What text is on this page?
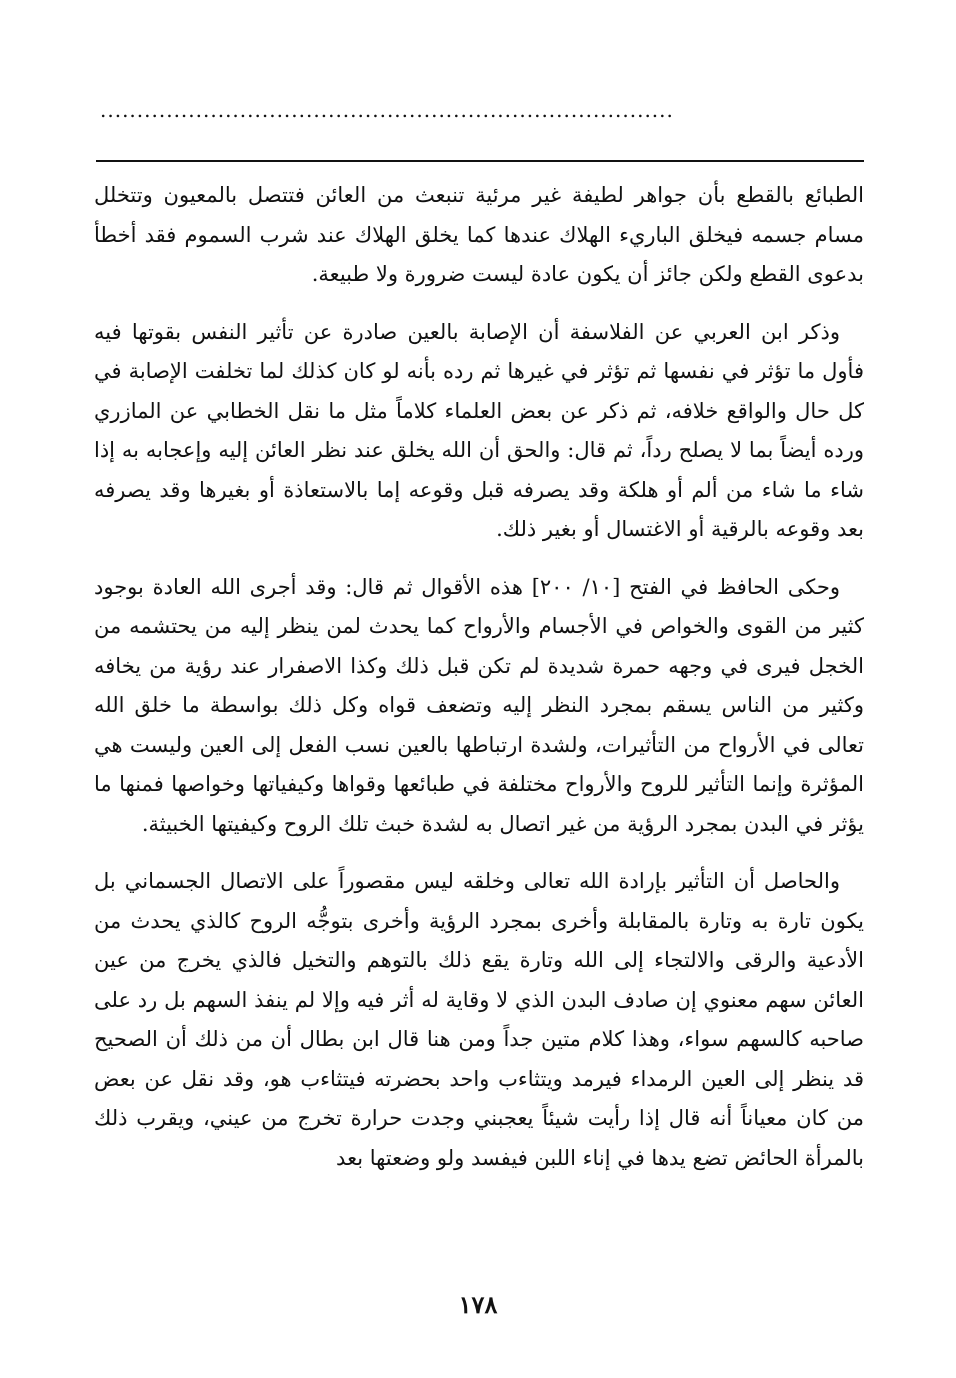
..............................................................................

الطبائع بالقطع بأن جواهر لطيفة غير مرئية تنبعث من العائن فتتصل بالمعيون وتتخلل مسام جسمه فيخلق الباريء الهلاك عندها كما يخلق الهلاك عند شرب السموم فقد أخطأ بدعوى القطع ولكن جائز أن يكون عادة ليست ضرورة ولا طبيعة.

وذكر ابن العربي عن الفلاسفة أن الإصابة بالعين صادرة عن تأثير النفس بقوتها فيه فأول ما تؤثر في نفسها ثم تؤثر في غيرها ثم رده بأنه لو كان كذلك لما تخلفت الإصابة في كل حال والواقع خلافه، ثم ذكر عن بعض العلماء كلاماً مثل ما نقل الخطابي عن المازري ورده أيضاً بما لا يصلح رداً، ثم قال: والحق أن الله يخلق عند نظر العائن إليه وإعجابه به إذا شاء ما شاء من ألم أو هلكة وقد يصرفه قبل وقوعه إما بالاستعاذة أو بغيرها وقد يصرفه بعد وقوعه بالرقية أو الاغتسال أو بغير ذلك.

وحكى الحافظ في الفتح [١٠/ ٢٠٠] هذه الأقوال ثم قال: وقد أجرى الله العادة بوجود كثير من القوى والخواص في الأجسام والأرواح كما يحدث لمن ينظر إليه من يحتشمه من الخجل فيرى في وجهه حمرة شديدة لم تكن قبل ذلك وكذا الاصفرار عند رؤية من يخافه وكثير من الناس يسقم بمجرد النظر إليه وتضعف قواه وكل ذلك بواسطة ما خلق الله تعالى في الأرواح من التأثيرات، ولشدة ارتباطها بالعين نسب الفعل إلى العين وليست هي المؤثرة وإنما التأثير للروح والأرواح مختلفة في طبائعها وقواها وكيفياتها وخواصها فمنها ما يؤثر في البدن بمجرد الرؤية من غير اتصال به لشدة خبث تلك الروح وكيفيتها الخبيثة.

والحاصل أن التأثير بإرادة الله تعالى وخلقه ليس مقصوراً على الاتصال الجسماني بل يكون تارة به وتارة بالمقابلة وأخرى بمجرد الرؤية وأخرى بتوجُّه الروح كالذي يحدث من الأدعية والرقى والالتجاء إلى الله وتارة يقع ذلك بالتوهم والتخيل فالذي يخرج من عين العائن سهم معنوي إن صادف البدن الذي لا وقاية له أثر فيه وإلا لم ينفذ السهم بل رد على صاحبه كالسهم سواء، وهذا كلام متين جداً ومن هنا قال ابن بطال أن من ذلك أن الصحيح قد ينظر إلى العين الرمداء فيرمد ويتثاءب واحد بحضرته فيتثاءب هو، وقد نقل عن بعض من كان معياناً أنه قال إذا رأيت شيئاً يعجبني وجدت حرارة تخرج من عيني، ويقرب ذلك بالمرأة الحائض تضع يدها في إناء اللبن فيفسد ولو وضعتها بعد

١٧٨
